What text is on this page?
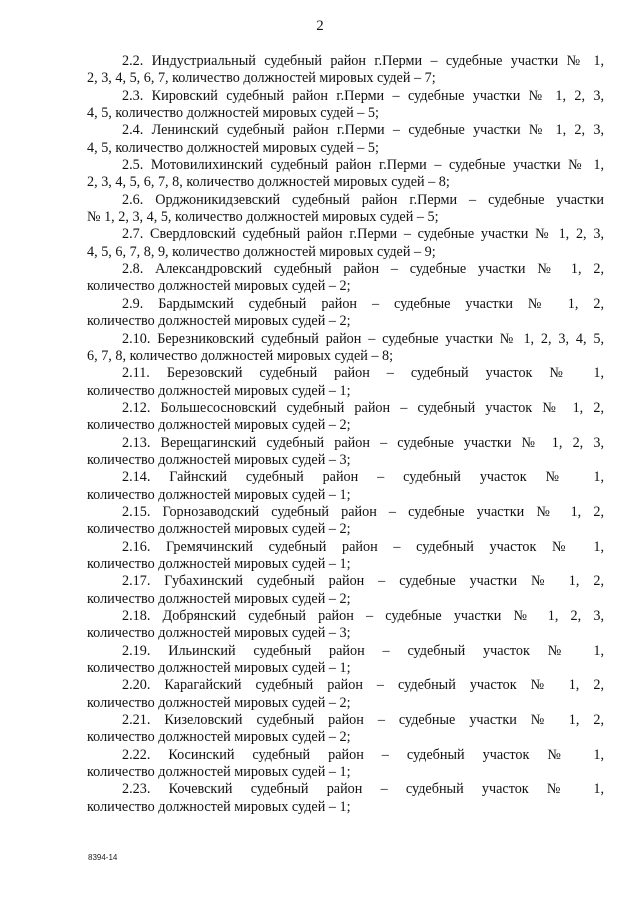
2

2.2. Индустриальный судебный район г.Перми – судебные участки № 1,
2, 3, 4, 5, 6, 7, количество должностей мировых судей – 7;

2.3. Кировский судебный район г.Перми – судебные участки № 1, 2, 3,
4, 5, количество должностей мировых судей – 5;

2.4. Ленинский судебный район г.Перми – судебные участки № 1, 2, 3,
4, 5, количество должностей мировых судей – 5;

2.5. Мотовилихинский судебный район г.Перми – судебные участки № 1,
2, 3, 4, 5, 6, 7, 8, количество должностей мировых судей – 8;

2.6. Орджоникидзевский судебный район г.Перми – судебные участки
№ 1, 2, 3, 4, 5, количество должностей мировых судей – 5;

2.7. Свердловский судебный район г.Перми – судебные участки № 1, 2, 3,
4, 5, 6, 7, 8, 9, количество должностей мировых судей – 9;

2.8. Александровский судебный район – судебные участки № 1, 2,
количество должностей мировых судей – 2;

2.9. Бардымский судебный район – судебные участки № 1, 2,
количество должностей мировых судей – 2;

2.10. Березниковский судебный район – судебные участки № 1, 2, 3, 4, 5,
6, 7, 8, количество должностей мировых судей – 8;

2.11. Березовский судебный район – судебный участок № 1,
количество должностей мировых судей – 1;

2.12. Большесосновский судебный район – судебный участок № 1, 2,
количество должностей мировых судей – 2;

2.13. Верещагинский судебный район – судебные участки № 1, 2, 3,
количество должностей мировых судей – 3;

2.14. Гайнский судебный район – судебный участок № 1,
количество должностей мировых судей – 1;

2.15. Горнозаводский судебный район – судебные участки № 1, 2,
количество должностей мировых судей – 2;

2.16. Гремячинский судебный район – судебный участок № 1,
количество должностей мировых судей – 1;

2.17. Губахинский судебный район – судебные участки № 1, 2,
количество должностей мировых судей – 2;

2.18. Добрянский судебный район – судебные участки № 1, 2, 3,
количество должностей мировых судей – 3;

2.19. Ильинский судебный район – судебный участок № 1,
количество должностей мировых судей – 1;

2.20. Карагайский судебный район – судебный участок № 1, 2,
количество должностей мировых судей – 2;

2.21. Кизеловский судебный район – судебные участки № 1, 2,
количество должностей мировых судей – 2;

2.22. Косинский судебный район – судебный участок № 1,
количество должностей мировых судей – 1;

2.23. Кочевский судебный район – судебный участок № 1,
количество должностей мировых судей – 1;

8394-14
